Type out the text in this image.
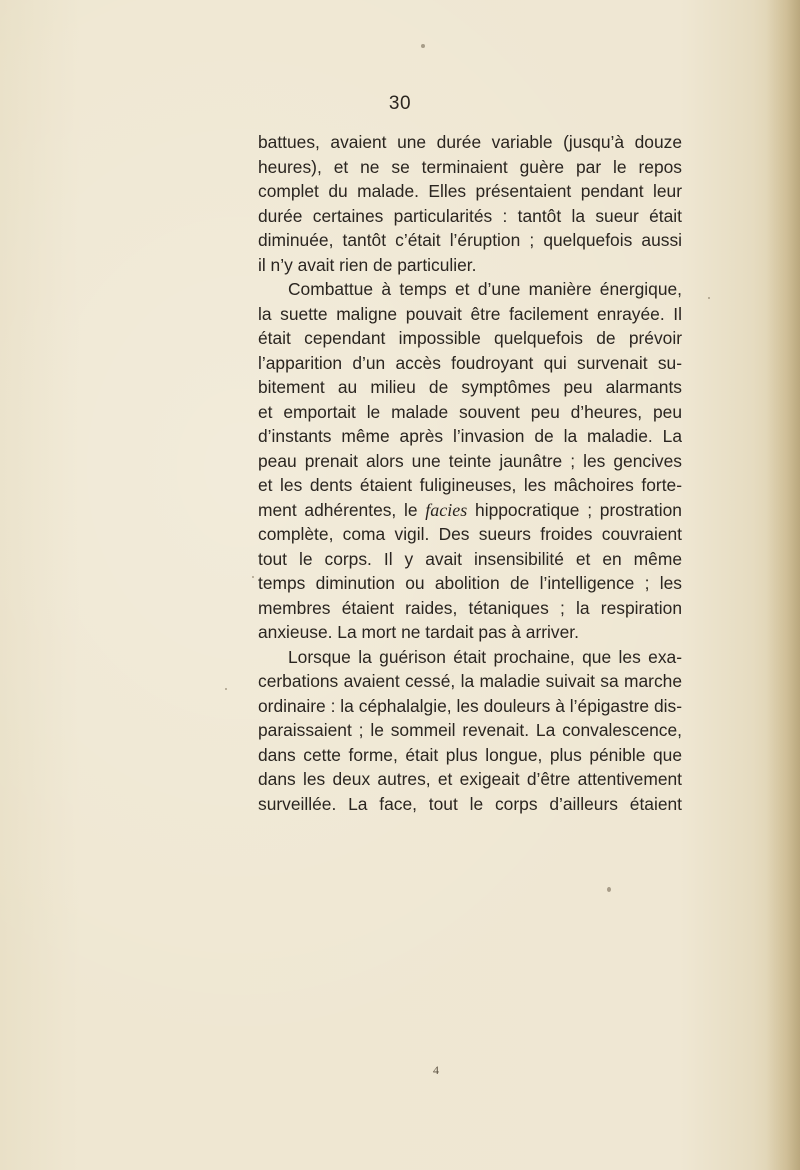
30
battues, avaient une durée variable (jusqu’à douze
heures), et ne se terminaient guère par le repos
complet du malade. Elles présentaient pendant leur
durée certaines particularités : tantôt la sueur était
diminuée, tantôt c’était l’éruption ; quelquefois aussi
il n’y avait rien de particulier.
Combattue à temps et d’une manière énergique,
la suette maligne pouvait être facilement enrayée. Il
était cependant impossible quelquefois de prévoir
l’apparition d’un accès foudroyant qui survenait su-
bitement au milieu de symptômes peu alarmants
et emportait le malade souvent peu d’heures, peu
d’instants même après l’invasion de la maladie. La
peau prenait alors une teinte jaunâtre ; les gencives
et les dents étaient fuligineuses, les mâchoires forte-
ment adhérentes, le facies hippocratique ; prostration
complète, coma vigil. Des sueurs froides couvraient
tout le corps. Il y avait insensibilité et en même
temps diminution ou abolition de l’intelligence ; les
membres étaient raides, tétaniques ; la respiration
anxieuse. La mort ne tardait pas à arriver.
Lorsque la guérison était prochaine, que les exa-
cerbations avaient cessé, la maladie suivait sa marche
ordinaire : la céphalalgie, les douleurs à l’épigastre dis-
paraissaient ; le sommeil revenait. La convalescence,
dans cette forme, était plus longue, plus pénible que
dans les deux autres, et exigeait d’être attentivement
surveillée. La face, tout le corps d’ailleurs étaient
4
